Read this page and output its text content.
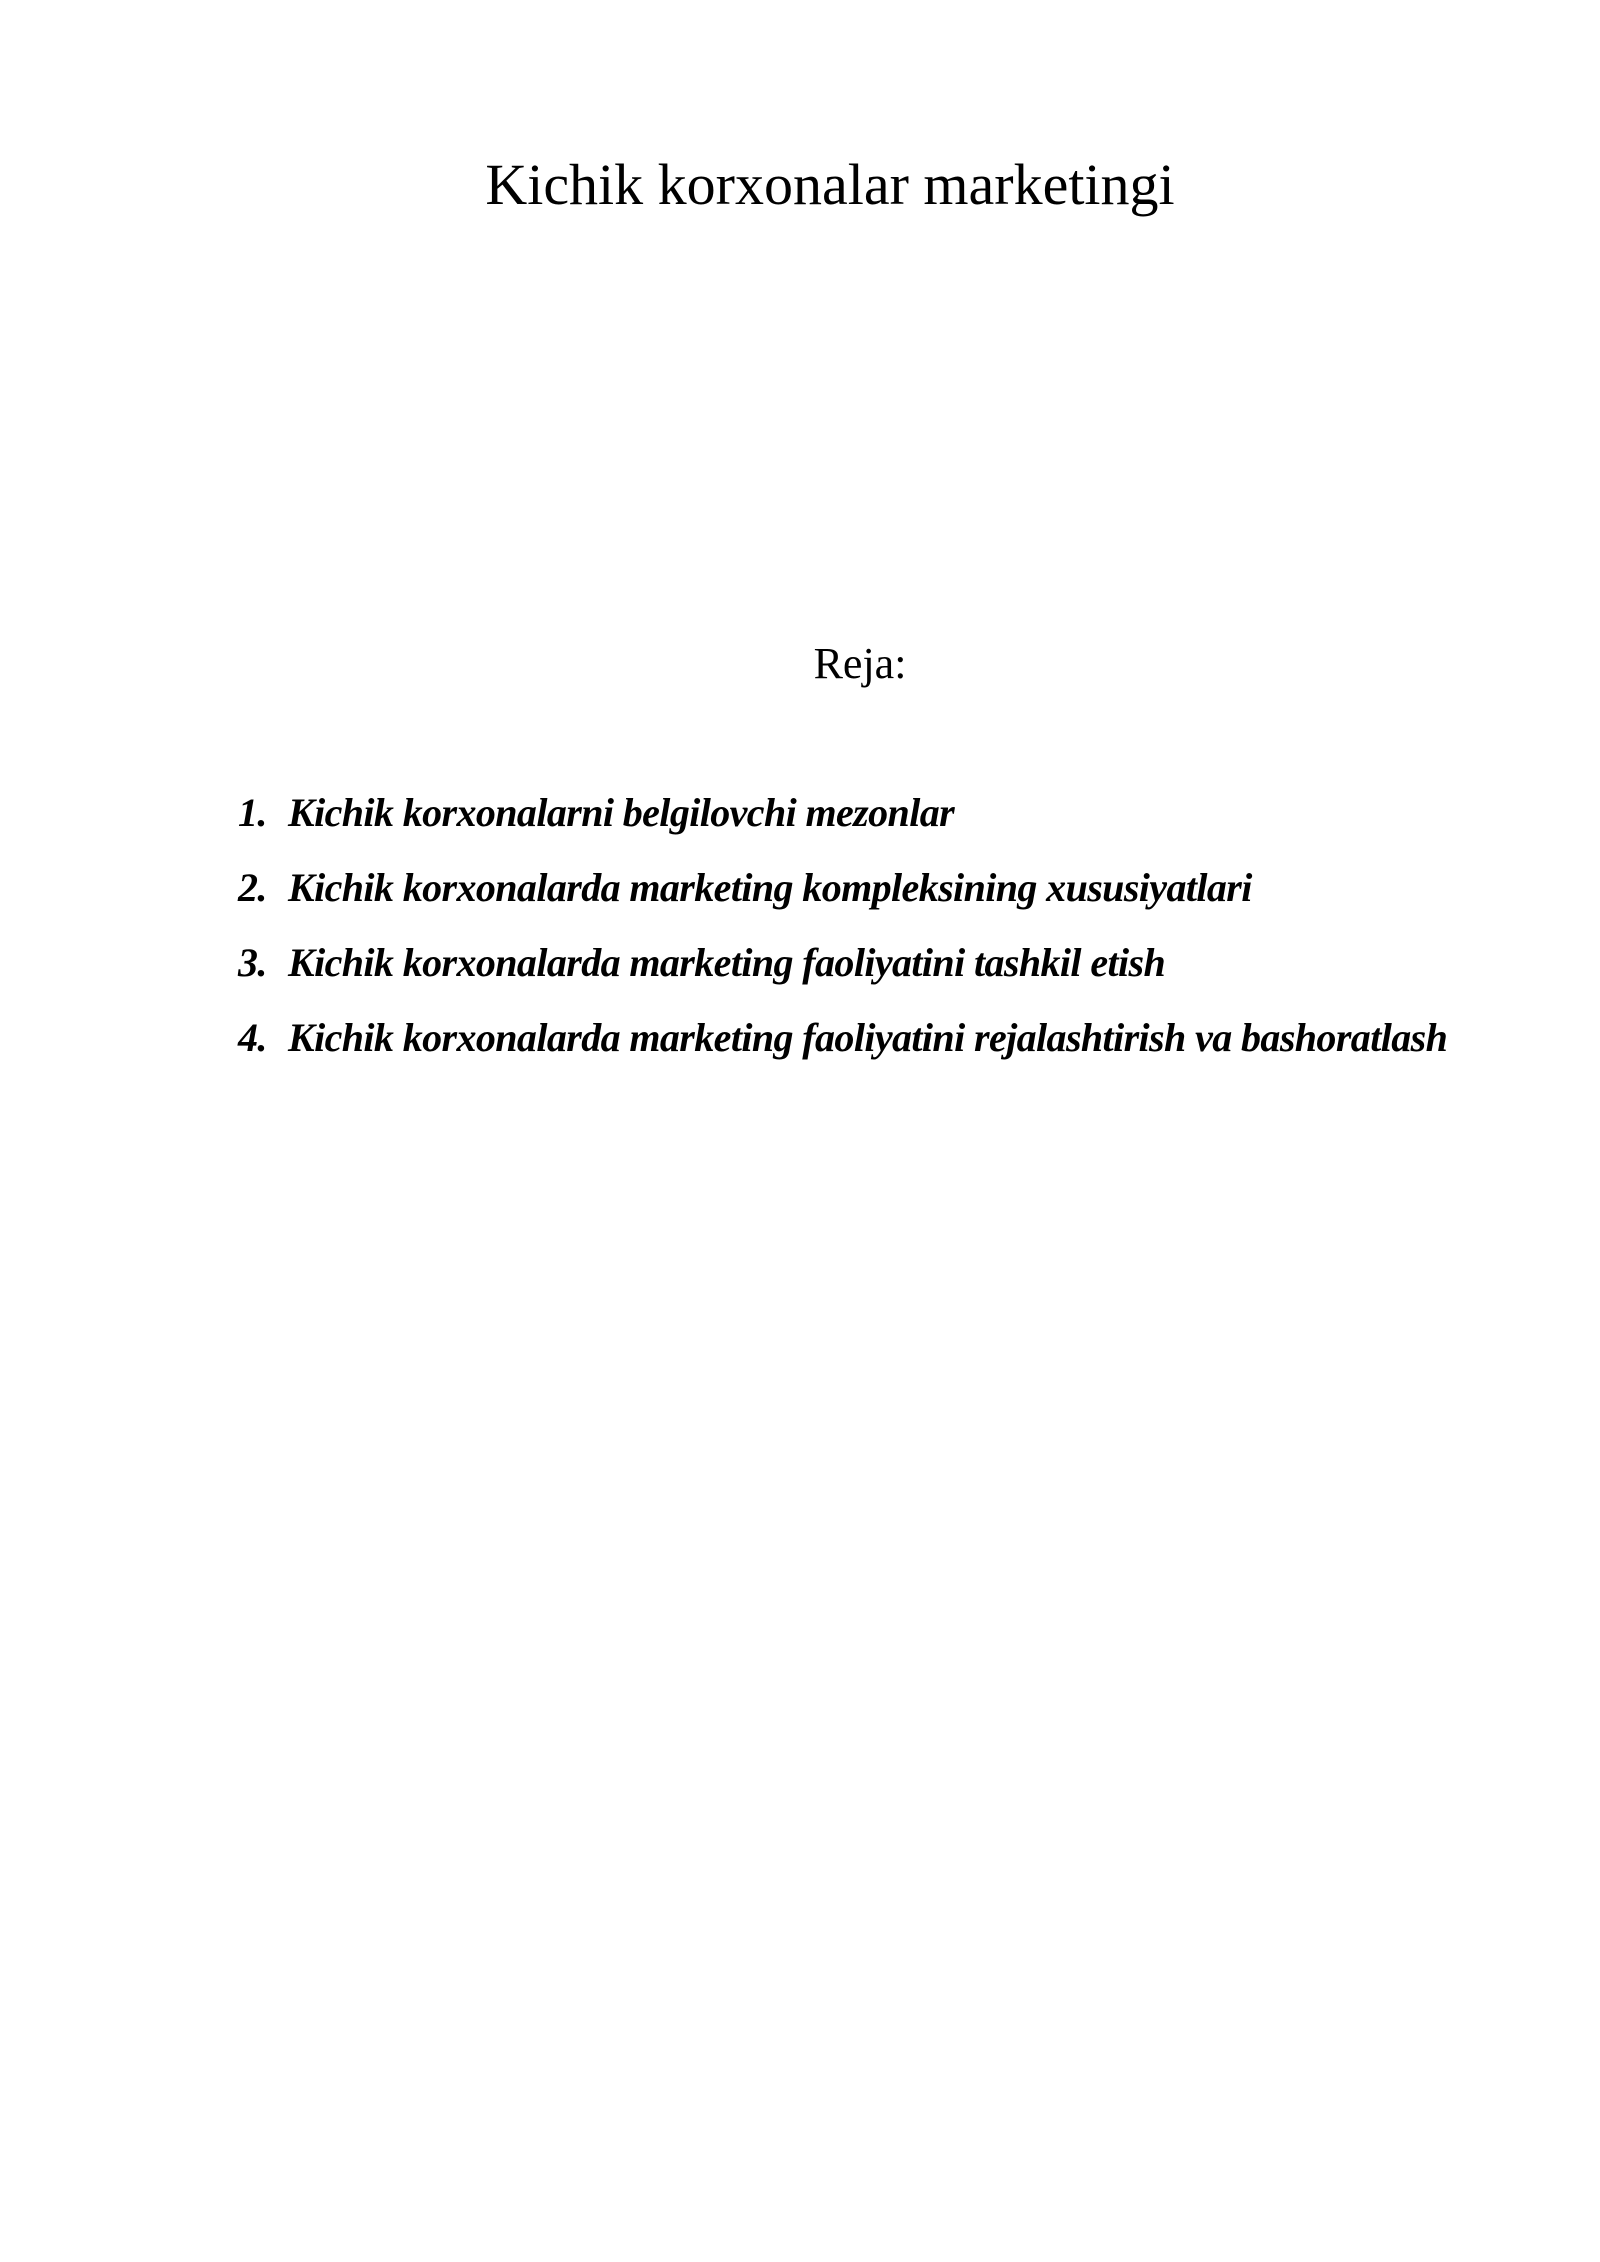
Kichik korxonalar marketingi
Reja:
1. Kichik korxonalarni belgilovchi mezonlar
2. Kichik korxonalarda marketing kompleksining xususiyatlari
3. Kichik korxonalarda marketing faoliyatini tashkil etish
4. Kichik korxonalarda marketing faoliyatini rejalashtirish va bashoratlash
